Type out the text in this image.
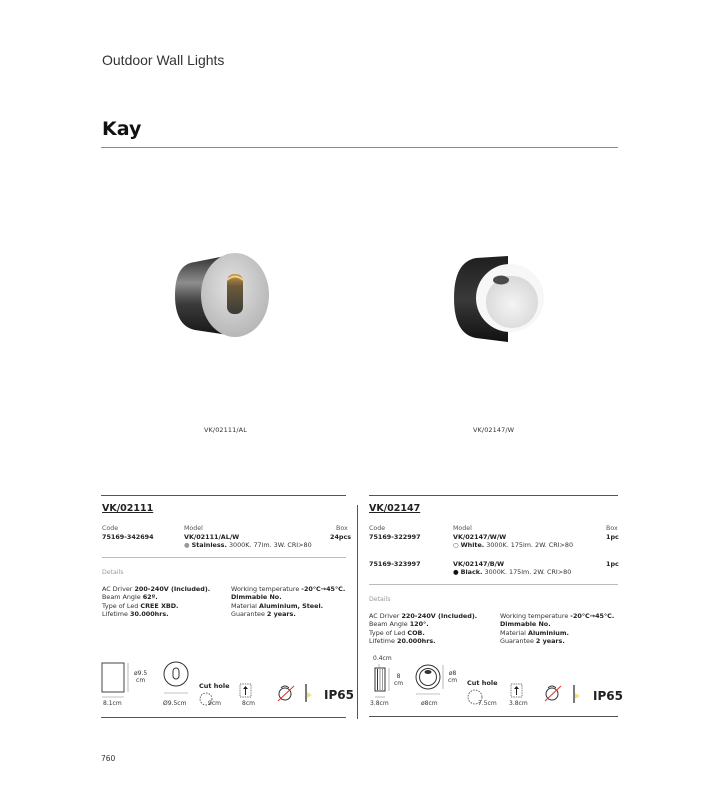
Outdoor Wall Lights
Kay
VK/02111/AL	VK/02147/W
VK/02111
Code	Model	Box
75169-342694	VK/02111/AL/W	24pcs
● Stainless. 3000K. 77lm. 3W. CRI>80
Details
AC Driver 200-240V (Included).
Beam Angle 62º.
Type of Led CREE XBD.
Lifetime 30.000hrs.
Working temperature -20°C→45°C.
Dimmable No.
Material Aluminium, Steel.
Guarantee 2 years.
ø9.5
cm
8.1cm	Ø9.5cm
Cut hole
9cm	8cm
IP65
VK/02147
Code	Model	Box
75169-322997	VK/02147/W/W	1pc
○ White. 3000K. 175lm. 2W. CRI>80
75169-323997	VK/02147/B/W	1pc
● Black. 3000K. 175lm. 2W. CRI>80
Details
AC Driver 220-240V (Included).
Beam Angle 120°.
Type of Led COB.
Lifetime 20.000hrs.
Working temperature -20°C→45°C.
Dimmable No.
Material Aluminium.
Guarantee 2 years.
0.4cm
8
cm
3.8cm
ø8
cm
ø8cm
Cut hole
7.5cm 3.8cm
IP65
760
